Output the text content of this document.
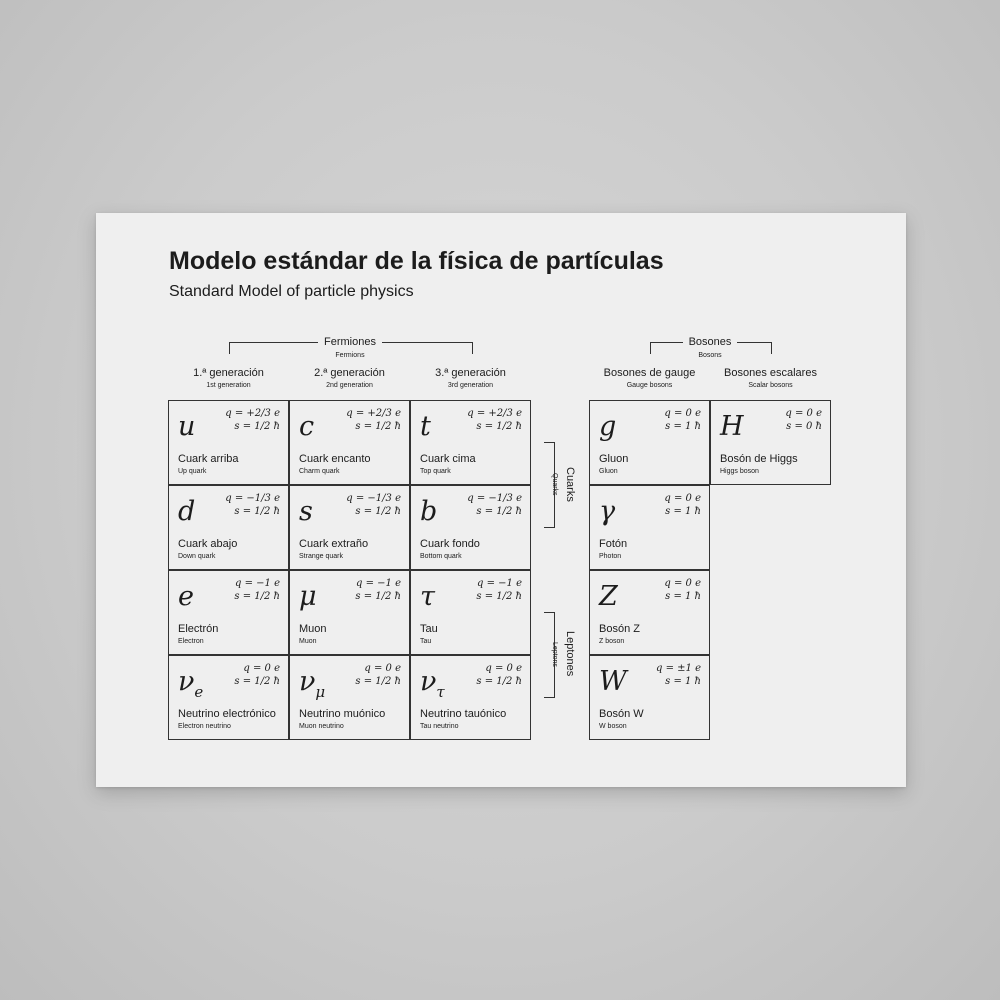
Modelo estándar de la física de partículas
Standard Model of particle physics
Fermiones
Fermions
Bosones
Bosons
1.ª generación
1st generation
2.ª generación
2nd generation
3.ª generación
3rd generation
Bosones de gauge
Gauge bosons
Bosones escalares
Scalar bosons
u	q = +2/3 e
s = 1/2 ħ
Cuark arriba
Up quark
c	q = +2/3 e
s = 1/2 ħ
Cuark encanto
Charm quark
t	q = +2/3 e
s = 1/2 ħ
Cuark cima
Top quark
d	q = −1/3 e
s = 1/2 ħ
Cuark abajo
Down quark
s	q = −1/3 e
s = 1/2 ħ
Cuark extraño
Strange quark
b	q = −1/3 e
s = 1/2 ħ
Cuark fondo
Bottom quark
e	q = −1 e
s = 1/2 ħ
Electrón
Electron
μ	q = −1 e
s = 1/2 ħ
Muon
Muon
τ	q = −1 e
s = 1/2 ħ
Tau
Tau
$\nu_e$
q = 0 e
s = 1/2 ħ
Neutrino electrónico
Electron neutrino
$\nu_\mu$
q = 0 e
s = 1/2 ħ
Neutrino muónico
Muon neutrino
$\nu_\tau$
q = 0 e
s = 1/2 ħ
Neutrino tauónico
Tau neutrino
Cuarks Quarks
Leptones Leptons
g	q = 0 e
s = 1 ħ
Gluon
Gluon
γ	q = 0 e
s = 1 ħ
Fotón
Photon
Z	q = 0 e
s = 1 ħ
Bosón Z
Z boson
W	q = ±1 e
s = 1 ħ
Bosón W
W boson
H	q = 0 e
s = 0 ħ
Bosón de Higgs
Higgs boson
